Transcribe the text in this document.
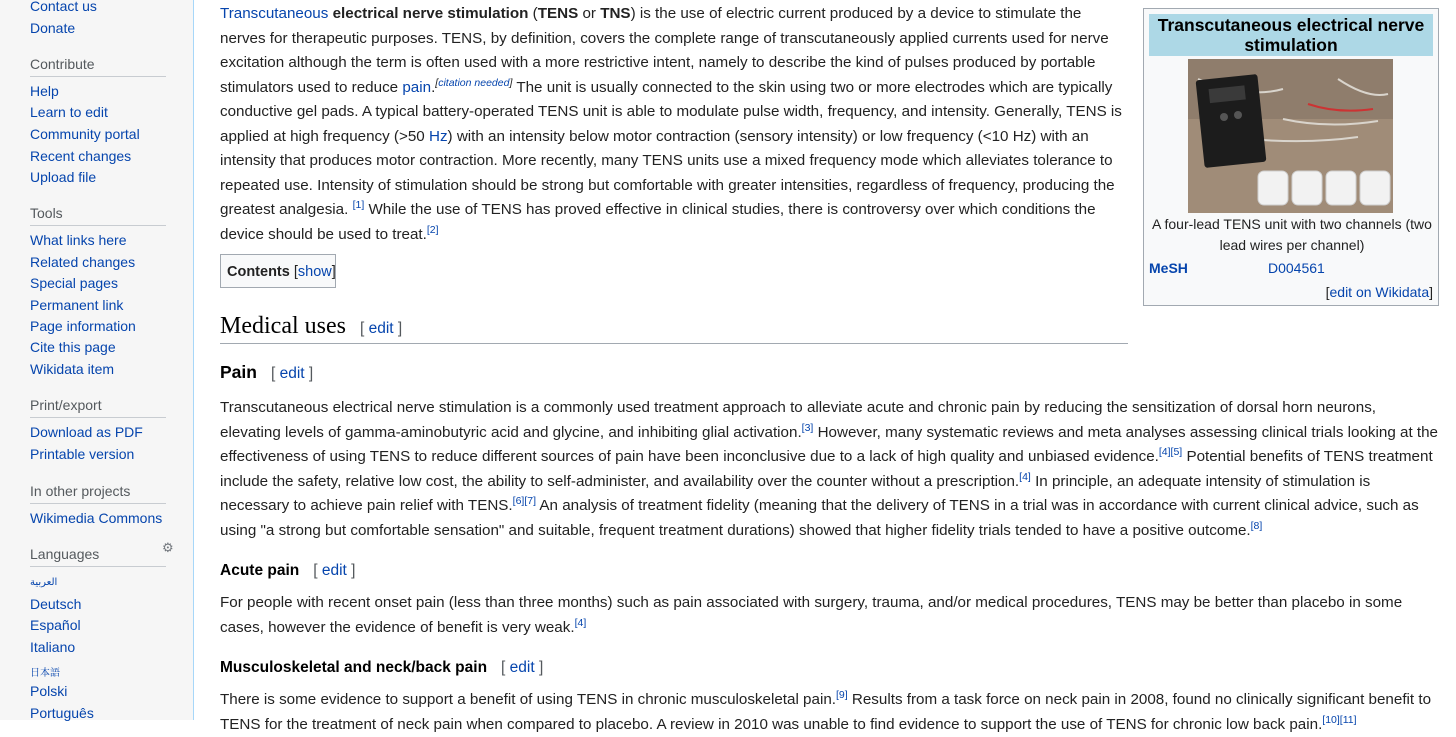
Contact us
Donate
Contribute
Help
Learn to edit
Community portal
Recent changes
Upload file
Tools
What links here
Related changes
Special pages
Permanent link
Page information
Cite this page
Wikidata item
Print/export
Download as PDF
Printable version
In other projects
Wikimedia Commons
Languages	⚙
العربية
Deutsch
Español
Italiano
日本語
Polski
Português

Transcutaneous electrical nerve stimulation (TENS or TNS) is the use of electric current produced by a device to stimulate the nerves for therapeutic purposes. TENS, by definition, covers the complete range of transcutaneously applied currents used for nerve excitation although the term is often used with a more restrictive intent, namely to describe the kind of pulses produced by portable stimulators used to reduce pain.[citation needed] The unit is usually connected to the skin using two or more electrodes which are typically conductive gel pads. A typical battery-operated TENS unit is able to modulate pulse width, frequency, and intensity. Generally, TENS is applied at high frequency (>50 Hz) with an intensity below motor contraction (sensory intensity) or low frequency (<10 Hz) with an intensity that produces motor contraction. More recently, many TENS units use a mixed frequency mode which alleviates tolerance to repeated use. Intensity of stimulation should be strong but comfortable with greater intensities, regardless of frequency, producing the greatest analgesia. [1] While the use of TENS has proved effective in clinical studies, there is controversy over which conditions the device should be used to treat.[2]

Contents [show]
Medical uses [ edit ]
Pain [ edit ]

Transcutaneous electrical nerve stimulation is a commonly used treatment approach to alleviate acute and chronic pain by reducing the sensitization of dorsal horn neurons, elevating levels of gamma-aminobutyric acid and glycine, and inhibiting glial activation.[3] However, many systematic reviews and meta analyses assessing clinical trials looking at the effectiveness of using TENS to reduce different sources of pain have been inconclusive due to a lack of high quality and unbiased evidence.[4][5] Potential benefits of TENS treatment include the safety, relative low cost, the ability to self-administer, and availability over the counter without a prescription.[4] In principle, an adequate intensity of stimulation is necessary to achieve pain relief with TENS.[6][7] An analysis of treatment fidelity (meaning that the delivery of TENS in a trial was in accordance with current clinical advice, such as using "a strong but comfortable sensation" and suitable, frequent treatment durations) showed that higher fidelity trials tended to have a positive outcome.[8]

Acute pain [ edit ]

For people with recent onset pain (less than three months) such as pain associated with surgery, trauma, and/or medical procedures, TENS may be better than placebo in some cases, however the evidence of benefit is very weak.[4]

Musculoskeletal and neck/back pain [ edit ]

There is some evidence to support a benefit of using TENS in chronic musculoskeletal pain.[9] Results from a task force on neck pain in 2008, found no clinically significant benefit to TENS for the treatment of neck pain when compared to placebo. A review in 2010 was unable to find evidence to support the use of TENS for chronic low back pain.[10][11]

Transcutaneous electrical nerve stimulation
A four-lead TENS unit with two channels (two lead wires per channel)
MeSH	D004561
[edit on Wikidata]
